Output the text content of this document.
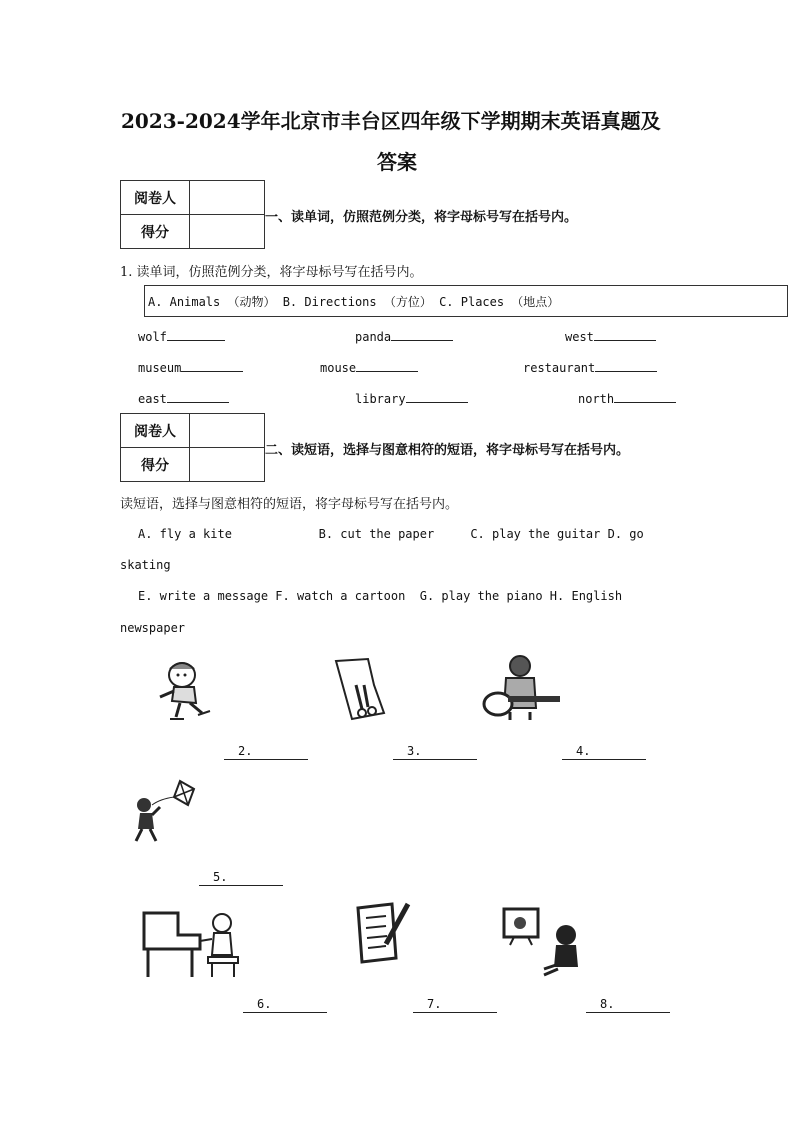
2023-2024学年北京市丰台区四年级下学期期末英语真题及
答案
阅卷人	
得分	
一、读单词，仿照范例分类，将字母标号写在括号内。
1. 读单词，仿照范例分类，将字母标号写在括号内。
A. Animals （动物） B. Directions （方位） C. Places （地点）
wolf	panda	west
museum	mouse	restaurant
east	library	north
阅卷人	
得分	
二、读短语，选择与图意相符的短语，将字母标号写在括号内。
读短语，选择与图意相符的短语，将字母标号写在括号内。
A. fly a kite            B. cut the paper     C. play the guitar D. go
skating
E. write a message F. watch a cartoon  G. play the piano H. English
newspaper
2.	3.	4.
5.
6.	7.	8.
